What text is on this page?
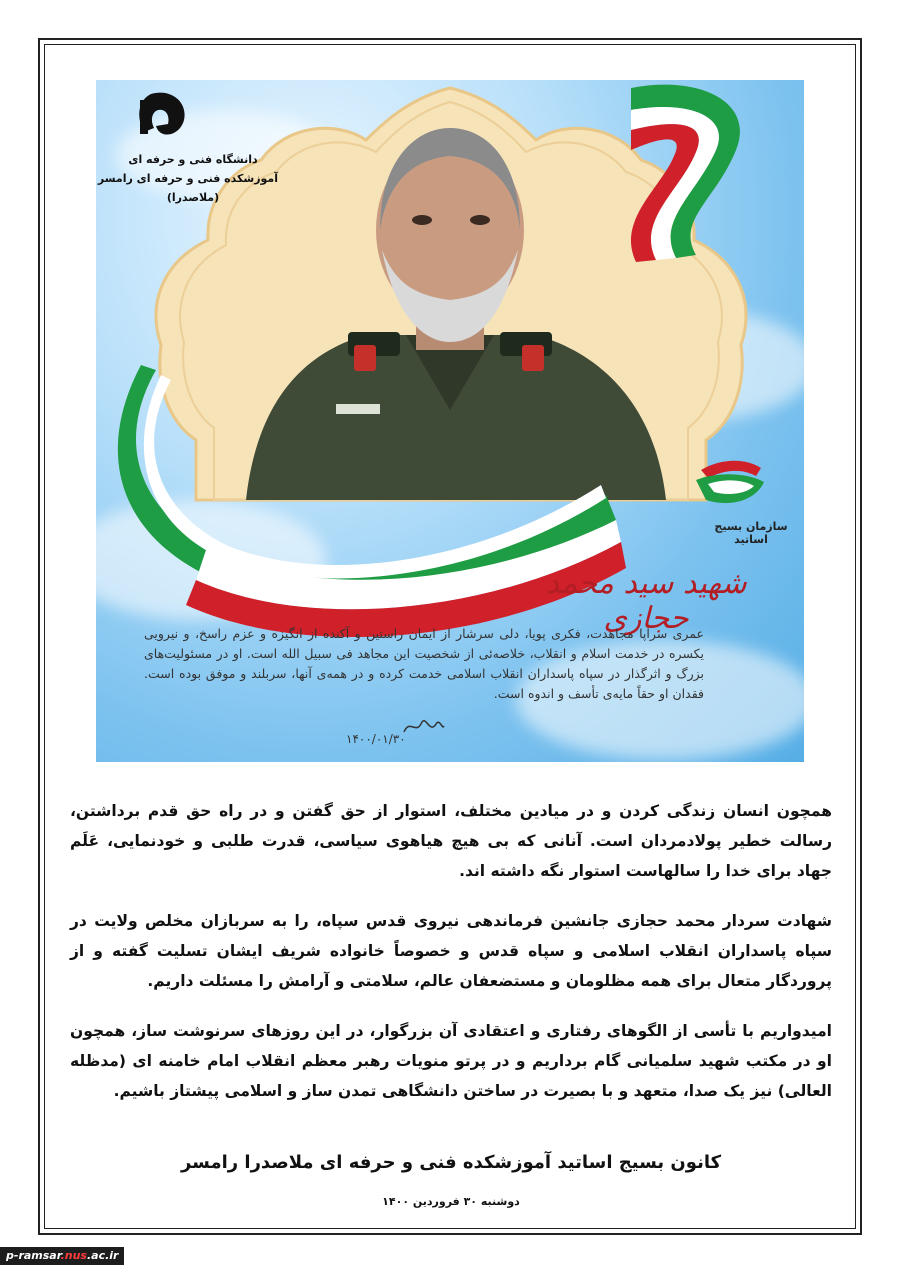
دانشگاه فنی و حرفه ای
آموزشکده فنی و حرفه ای رامسر
(ملاصدرا)
سازمان بسیج اساتید
شهید سید محمد حجازی
عمری سراپا مجاهدت، فکری پویا، دلی سرشار از ایمان راستین و آکنده از انگیزه و عزم راسخ، و نیرویی یکسره در خدمت اسلام و انقلاب، خلاصه‌ئی از شخصیت این مجاهد فی سبیل الله است. او در مسئولیت‌های بزرگ و اثرگذار در سپاه پاسداران انقلاب اسلامی خدمت کرده و در همه‌ی آنها، سربلند و موفق بوده است. فقدان او حقاً مایه‌ی تأسف و اندوه است.
۱۴۰۰/۰۱/۳۰
همچون انسان زندگی کردن و در میادین مختلف، استوار از حق گفتن و در راه حق قدم برداشتن، رسالت خطیر پولادمردان است. آنانی که بی هیچ هیاهوی سیاسی، قدرت طلبی و خودنمایی، عَلَم جهاد برای خدا را سالهاست استوار نگه داشته اند.
شهادت سردار محمد حجازی جانشین فرماندهی نیروی قدس سپاه، را به سربازان مخلص ولایت در سپاه پاسداران انقلاب اسلامی و سپاه قدس و خصوصاً خانواده شریف ایشان تسلیت گفته و از پروردگار متعال برای همه مظلومان و مستضعفان عالم، سلامتی و آرامش را مسئلت داریم.
امیدواریم با تأسی از الگوهای رفتاری و اعتقادی آن بزرگوار، در این روزهای سرنوشت ساز، همچون او در مکتب شهید سلمیانی گام برداریم و در پرتو منویات رهبر معظم انقلاب امام خامنه ای (مدظله العالی) نیز یک صدا، متعهد و با بصیرت در ساختن دانشگاهی تمدن ساز و اسلامی پیشتاز باشیم.
کانون بسیج اساتید آموزشکده فنی و حرفه ای ملاصدرا رامسر
دوشنبه ۳۰ فروردین ۱۴۰۰
p-ramsar.nus.ac.ir
